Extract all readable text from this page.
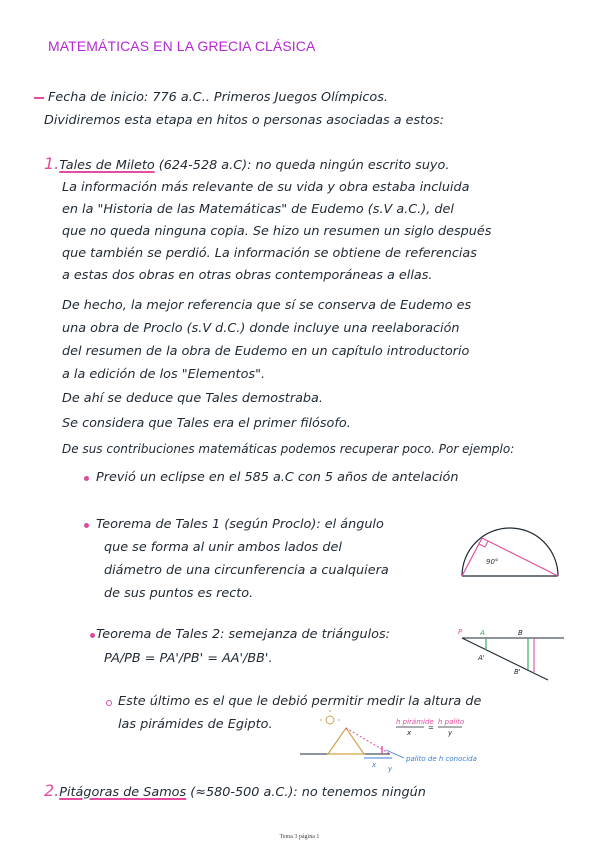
MATEMÁTICAS EN LA GRECIA CLÁSICA
Fecha de inicio: 776 a.C.. Primeros Juegos Olímpicos.
Dividiremos esta etapa en hitos o personas asociadas a estos:
1.Tales de Mileto (624-528 a.C): no queda ningún escrito suyo.
La información más relevante de su vida y obra estaba incluida
en la "Historia de las Matemáticas" de Eudemo (s.V a.C.), del
que no queda ninguna copia. Se hizo un resumen un siglo después
que también se perdió. La información se obtiene de referencias
a estas dos obras en otras obras contemporáneas a ellas.
De hecho, la mejor referencia que sí se conserva de Eudemo es
una obra de Proclo (s.V d.C.) donde incluye una reelaboración
del resumen de la obra de Eudemo en un capítulo introductorio
a la edición de los "Elementos".
De ahí se deduce que Tales demostraba.
Se considera que Tales era el primer filósofo.
De sus contribuciones matemáticas podemos recuperar poco. Por ejemplo:
Previó un eclipse en el 585 a.C con 5 años de antelación
Teorema de Tales 1 (según Proclo): el ángulo
que se forma al unir ambos lados del
diámetro de una circunferencia a cualquiera
de sus puntos es recto.
90°
Teorema de Tales 2: semejanza de triángulos:
PA/PB = PA'/PB' = AA'/BB'.
P	A	B
A'
B'
Este último es el que le debió permitir medir la altura de
las pirámides de Egipto.
x y
palito de h conocida
h pirámide
x
=
h palito
y
2.Pitágoras de Samos (≈580-500 a.C.): no tenemos ningún
Tema 3 página 1
